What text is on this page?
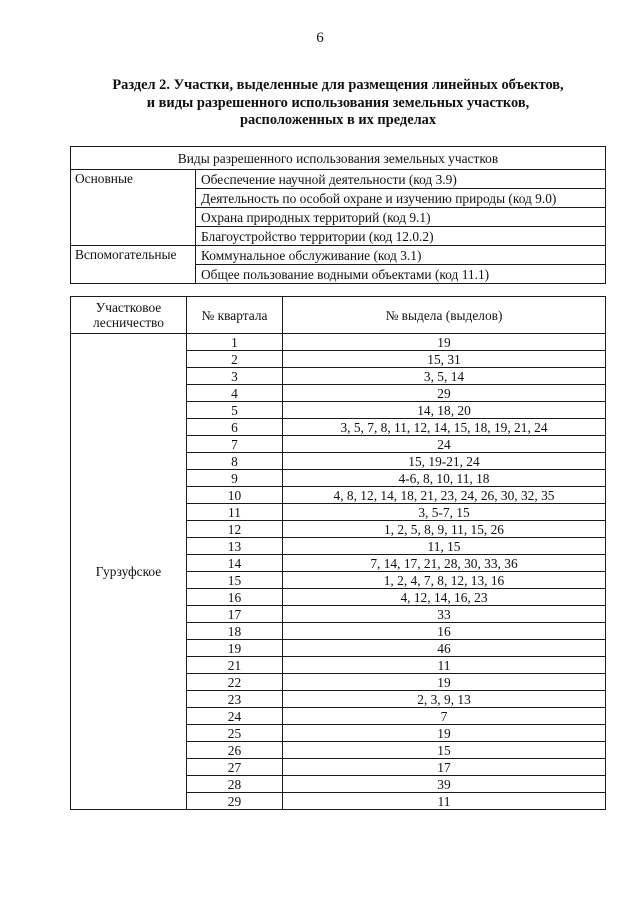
6
Раздел 2. Участки, выделенные для размещения линейных объектов,
и виды разрешенного использования земельных участков,
расположенных в их пределах
Виды разрешенного использования земельных участков	
Основные	Обеспечение научной деятельности (код 3.9)
	Деятельность по особой охране и изучению природы (код 9.0)
	Охрана природных территорий (код 9.1)
	Благоустройство территории (код 12.0.2)
Вспомогательные	Коммунальное обслуживание (код 3.1)
	Общее пользование водными объектами (код 11.1)
Участковое лесничество	№ квартала	№ выдела (выделов)
Гурзуфское	1	19
	2	15, 31
	3	3, 5, 14
	4	29
	5	14, 18, 20
	6	3, 5, 7, 8, 11, 12, 14, 15, 18, 19, 21, 24
	7	24
	8	15, 19-21, 24
	9	4-6, 8, 10, 11, 18
	10	4, 8, 12, 14, 18, 21, 23, 24, 26, 30, 32, 35
	11	3, 5-7, 15
	12	1, 2, 5, 8, 9, 11, 15, 26
	13	11, 15
	14	7, 14, 17, 21, 28, 30, 33, 36
	15	1, 2, 4, 7, 8, 12, 13, 16
	16	4, 12, 14, 16, 23
	17	33
	18	16
	19	46
	21	11
	22	19
	23	2, 3, 9, 13
	24	7
	25	19
	26	15
	27	17
	28	39
	29	11
